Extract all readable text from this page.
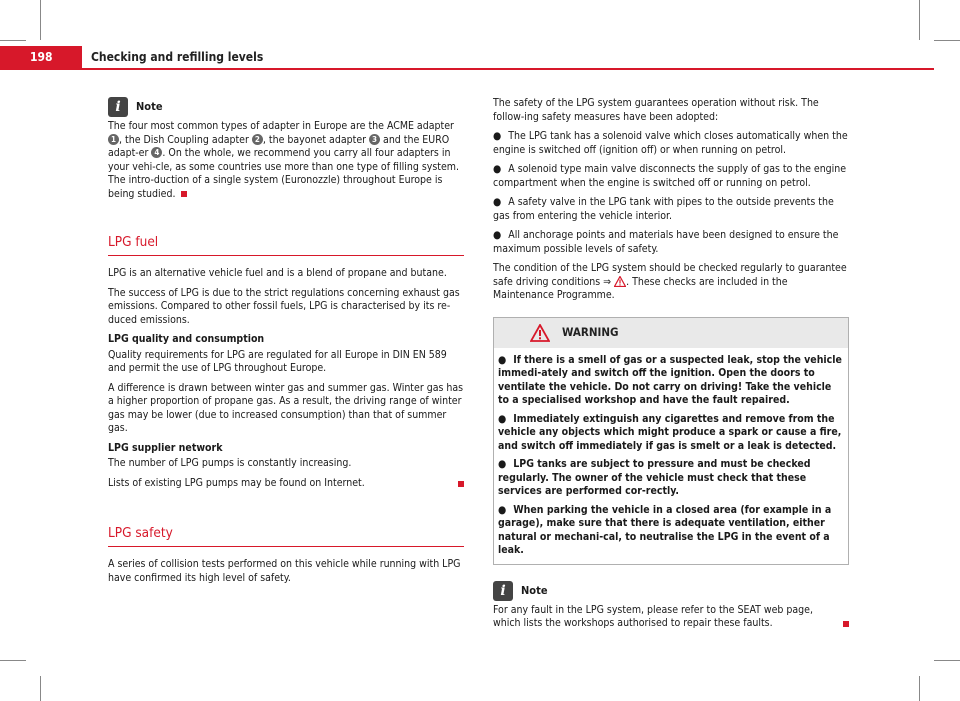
198	Checking and refilling levels
i	Note

The four most common types of adapter in Europe are the ACME adapter 1 , the Dish Coupling adapter 2 , the bayonet adapter 3 and the EURO adapt-er 4 . On the whole, we recommend you carry all four adapters in your vehi-cle, as some countries use more than one type of filling system. The intro-duction of a single system (Euronozzle) throughout Europe is being studied.

LPG fuel

LPG is an alternative vehicle fuel and is a blend of propane and butane.

The success of LPG is due to the strict regulations concerning exhaust gas emissions. Compared to other fossil fuels, LPG is characterised by its re-duced emissions.

LPG quality and consumption

Quality requirements for LPG are regulated for all Europe in DIN EN 589 and permit the use of LPG throughout Europe.

A difference is drawn between winter gas and summer gas. Winter gas has a higher proportion of propane gas. As a result, the driving range of winter gas may be lower (due to increased consumption) than that of summer gas.

LPG supplier network

The number of LPG pumps is constantly increasing.

Lists of existing LPG pumps may be found on Internet.

LPG safety

A series of collision tests performed on this vehicle while running with LPG have confirmed its high level of safety.

The safety of the LPG system guarantees operation without risk. The follow-ing safety measures have been adopted:

● The LPG tank has a solenoid valve which closes automatically when the engine is switched off (ignition off) or when running on petrol.

● A solenoid type main valve disconnects the supply of gas to the engine compartment when the engine is switched off or running on petrol.

● A safety valve in the LPG tank with pipes to the outside prevents the gas from entering the vehicle interior.

● All anchorage points and materials have been designed to ensure the maximum possible levels of safety.

The condition of the LPG system should be checked regularly to guarantee safe driving conditions ⇒ . These checks are included in the Maintenance Programme.

WARNING

● If there is a smell of gas or a suspected leak, stop the vehicle immedi-ately and switch off the ignition. Open the doors to ventilate the vehicle. Do not carry on driving! Take the vehicle to a specialised workshop and have the fault repaired.

● Immediately extinguish any cigarettes and remove from the vehicle any objects which might produce a spark or cause a fire, and switch off immediately if gas is smelt or a leak is detected.

● LPG tanks are subject to pressure and must be checked regularly. The owner of the vehicle must check that these services are performed cor-rectly.

● When parking the vehicle in a closed area (for example in a garage), make sure that there is adequate ventilation, either natural or mechani-cal, to neutralise the LPG in the event of a leak.

i	Note

For any fault in the LPG system, please refer to the SEAT web page, which lists the workshops authorised to repair these faults.
